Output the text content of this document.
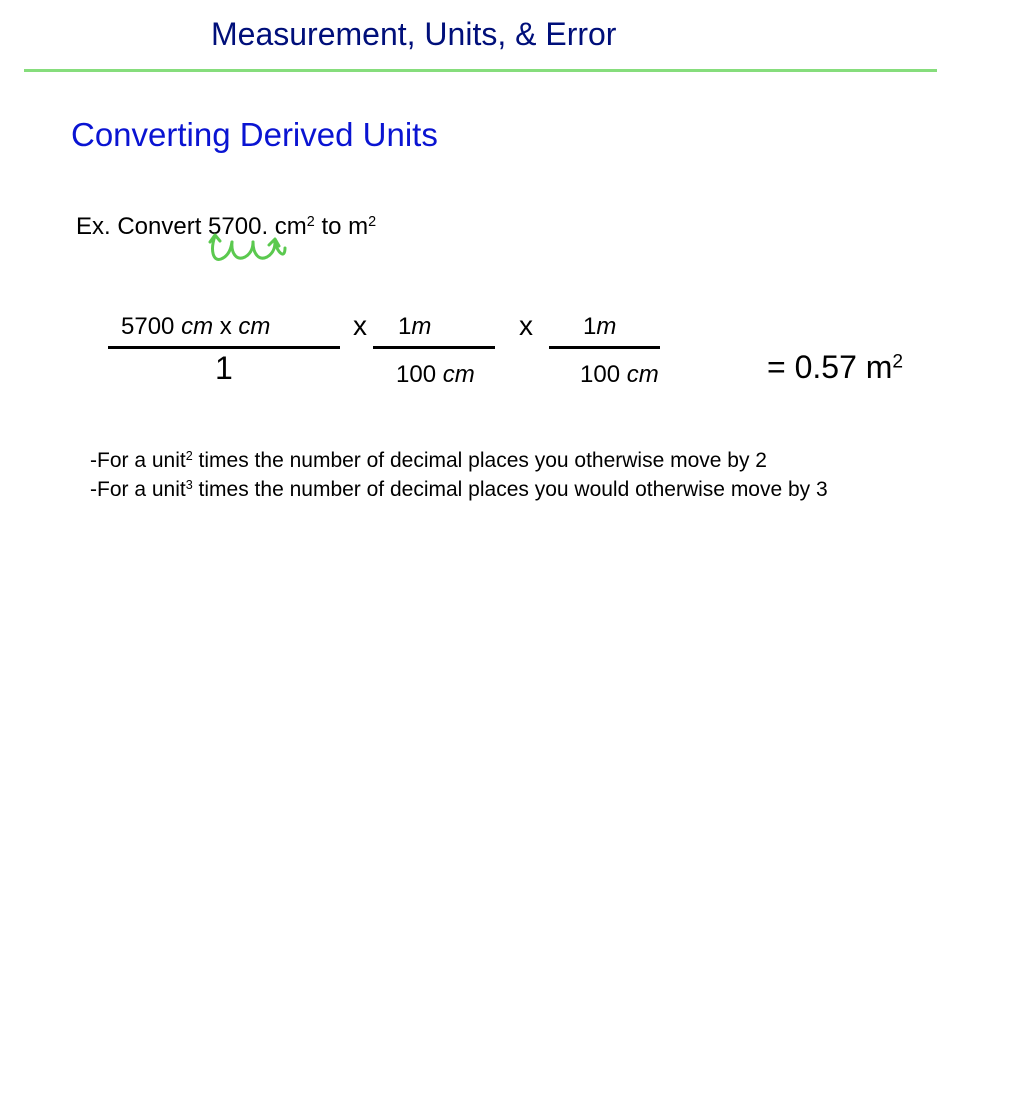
Measurement, Units, & Error
Converting Derived Units
Ex. Convert 5700. $cm^2$ to $m^2$
5700 cm x cm
1
x 1m
100 cm
x 1m
100 cm	= 0.57 $m^2$
-For a unit$^2$ times the number of decimal places you otherwise move by 2
-For a unit$^3$ times the number of decimal places you would otherwise move by 3
